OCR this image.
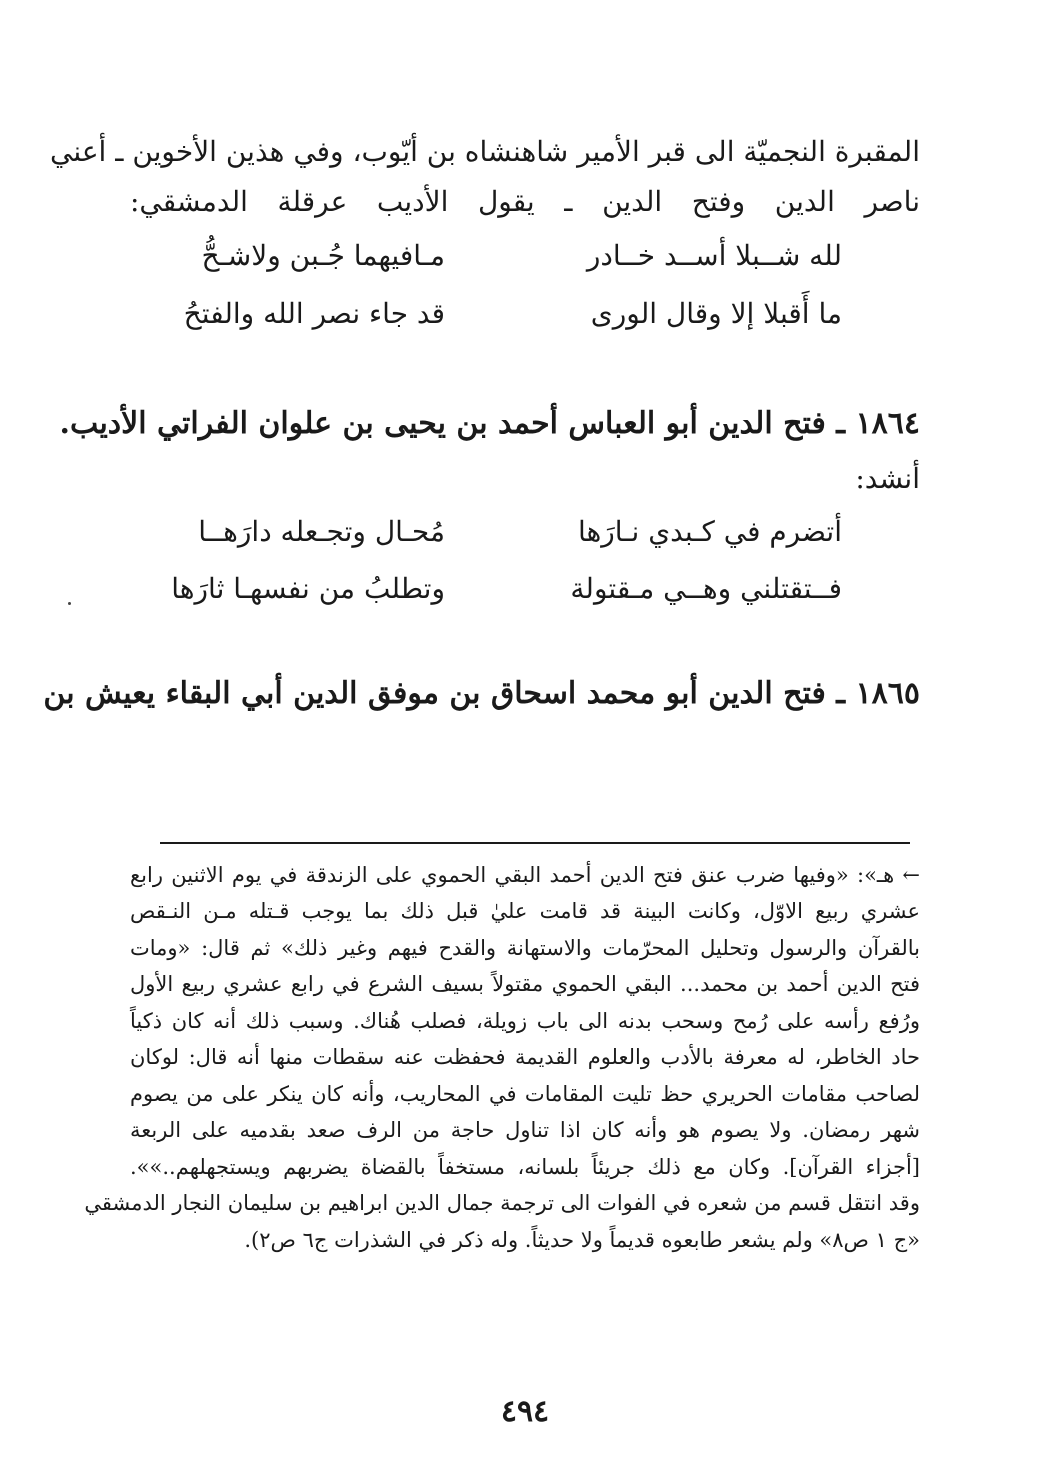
المقبرة النجميّة الى قبر الأمير شاهنشاه بن أيّوب، وفي هذين الأخوين ـ أعني
ناصر الدين وفتح الدين ـ يقول الأديب عرقلة الدمشقي:
لله شــبلا أســد خــادر
مـافيهما جُـبن ولاشـحُّ
ما أَقبلا إلا وقال الورى
قد جاء نصر الله والفتحُ
١٨٦٤ ـ فتح الدين أبو العباس أحمد بن يحيى بن علوان الفراتي الأديب.
أنشد:
أتضرم في كـبدي نـارَها
مُحـال وتجـعله دارَهــا
فــتقتلني وهــي مـقتولة
وتطلبُ من نفسهـا ثارَها
١٨٦٥ ـ فتح الدين أبو محمد اسحاق بن موفق الدين أبي البقاء يعيش بن
← هـ»: «وفيها ضرب عنق فتح الدين أحمد البقي الحموي على الزندقة في يوم الاثنين رابع
عشري ربيع الاوّل، وكانت البينة قد قامت عليٰ قبل ذلك بما يوجب قـتله مـن النـقص
بالقرآن والرسول وتحليل المحرّمات والاستهانة والقدح فيهم وغير ذلك» ثم قال: «ومات
فتح الدين أحمد بن محمد... البقي الحموي مقتولاً بسيف الشرع في رابع عشري ربيع الأول
ورُفع رأسه على رُمح وسحب بدنه الى باب زويلة، فصلب هُناك. وسبب ذلك أنه كان ذكياً
حاد الخاطر، له معرفة بالأدب والعلوم القديمة فحفظت عنه سقطات منها أنه قال: لوكان
لصاحب مقامات الحريري حظ تليت المقامات في المحاريب، وأنه كان ينكر على من يصوم
شهر رمضان. ولا يصوم هو وأنه كان اذا تناول حاجة من الرف صعد بقدميه على الربعة
[أجزاء القرآن]. وكان مع ذلك جريئاً بلسانه، مستخفاً بالقضاة يضربهم ويستجهلهم..»».
وقد انتقل قسم من شعره في الفوات الى ترجمة جمال الدين ابراهيم بن سليمان النجار الدمشقي
«ج ١ ص٨» ولم يشعر طابعوه قديماً ولا حديثاً. وله ذكر في الشذرات ج٦ ص٢).
٤٩٤
